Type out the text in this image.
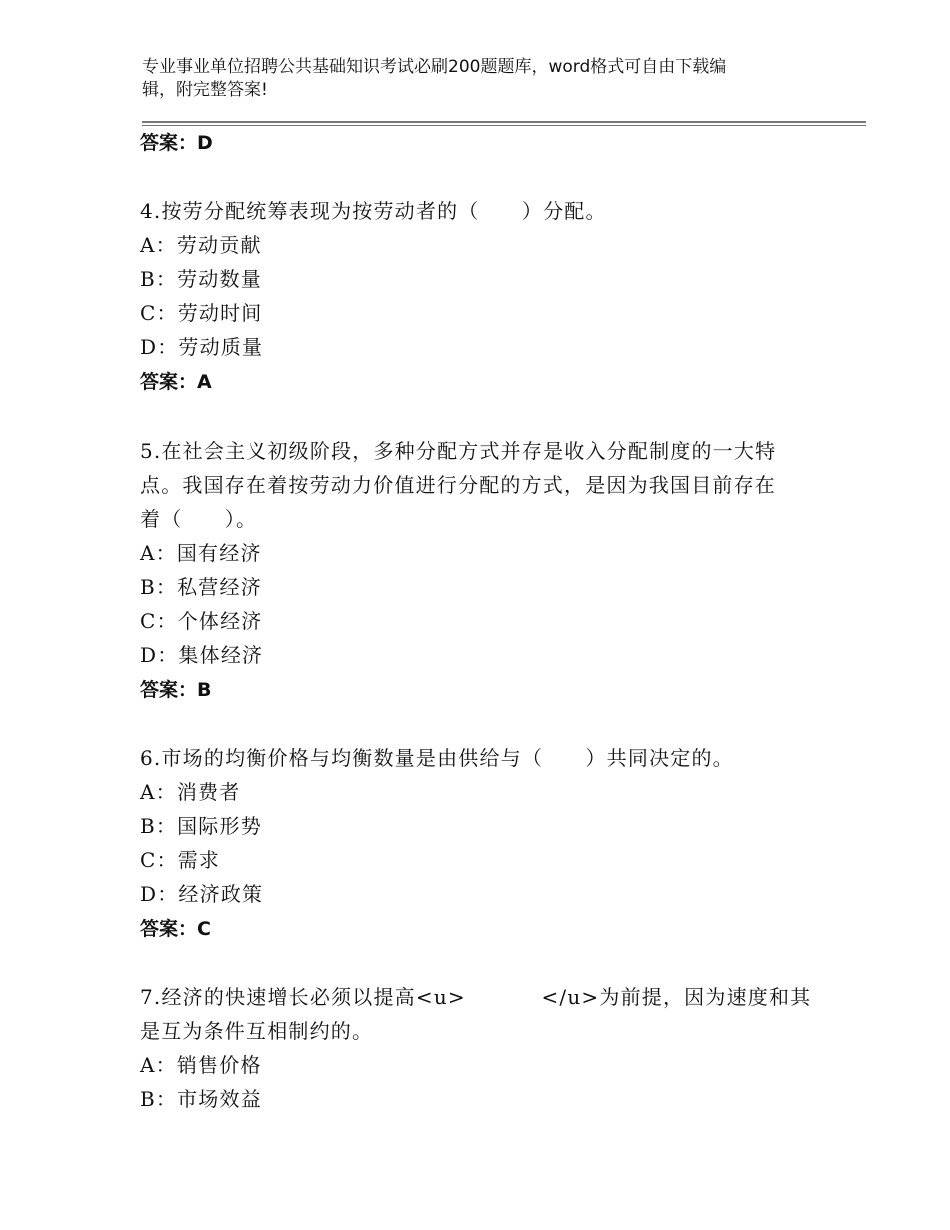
专业事业单位招聘公共基础知识考试必刷200题题库，word格式可自由下载编
辑，附完整答案!
答案：D
4.按劳分配统筹表现为按劳动者的（　　）分配。
A：劳动贡献
B：劳动数量
C：劳动时间
D：劳动质量
答案：A
5.在社会主义初级阶段，多种分配方式并存是收入分配制度的一大特
点。我国存在着按劳动力价值进行分配的方式，是因为我国目前存在
着（　　）。
A：国有经济
B：私营经济
C：个体经济
D：集体经济
答案：B
6.市场的均衡价格与均衡数量是由供给与（　　）共同决定的。
A：消费者
B：国际形势
C：需求
D：经济政策
答案：C
7.经济的快速增长必须以提高<u>          </u>为前提，因为速度和其
是互为条件互相制约的。
A：销售价格
B：市场效益
